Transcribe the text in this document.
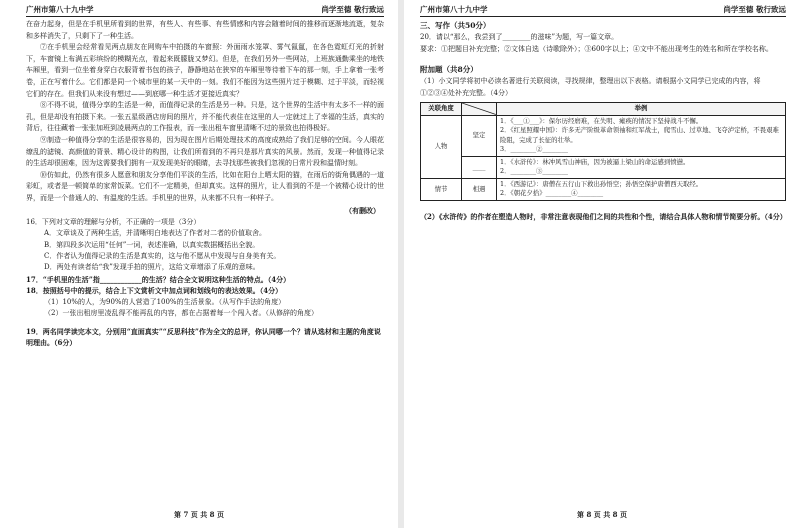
广州市第八十九中学	尚学至德 敬行致远

在奋力起身，但是在手机里所看到的世界，有些人、有些事、有些情感和内容会随着时间的推移而逐渐地流逝，复杂和多样消失了，只剩下了一种生活。

⑦在手机里会经常看见两点朋友在网购车中拍摄的车窗照：外面雨水笼罩、雾气氤氲，在各色霓虹灯光的折射下，车窗镜上布满五彩缤纷的模糊光点，看起来既朦胧又梦幻。但是，在我们另外一些网站，上班族通勤乘坐的地铁车厢里，看到一位坐着身穿白衣服背着书包的孩子，静静地站在狭窄的车厢里等待着下车的那一刻，手上拿着一张考卷，正在写着什么。它们都是同一个城市里的某一天中的一刻。我们不能因为这些照片过于模糊、过于平淡，而轻视它们的存在。但我们从来没有想过——到底哪一种生活才更接近真实？

⑧不得不说，值得分享的生活是一种，而值得记录的生活是另一种。只是，这个世界的生活中有太多不一样的面孔，但是却没有拍摄下来。一张五星级酒店房间的照片，并不能代表住在这里的人一定就过上了幸福的生活，真实的背后，往往藏着一张张加班到凌晨两点的工作报表，而一张出租车窗里清晰不过的景致也拍得极好。

⑨制造一种值得分享的生活是很容易的，因为现在图片后期处理技术的高度成熟给了我们足够的空间。今人眼花缭乱的滤镜、高颜值的背景、精心设计的构图，让我们所看到的不再只是那片真实的风景。然而，发现一种值得记录的生活却很困难，因为这需要我们拥有一双发现美好的眼睛，去寻找那些被我们忽视的日常片段和温情时刻。

⑩仿如此，仍然有很多人愿意和朋友分享他们平淡的生活，比如在阳台上晒太阳的猫，在雨后的街角偶遇的一道彩虹，或者是一顿简单的家常饭菜。它们不一定精美，但却真实。这样的照片，让人看到的不是一个被精心设计的世界，而是一个普通人的、有温度的生活。手机里的世界，从来都不只有一种样子。

（有删改）

16．下列对文章的理解与分析，不正确的一项是（3分）

A．文章谈及了两种生活，并清晰明白地表达了作者对二者的价值取舍。

B．第四段多次运用“任何”一词，表述准确，以真实数据概括出全貌。

C．作者认为值得记录的生活是真实的，这与他不愿从中发现与自身美有关。

D．两处有读者给“我”发现手拍的照片，这给文章增添了乐观的意味。

17．“手机里的生活”指____________的生活？结合全文说明这种生活的特点。（4分）

18．按照括号中的提示，结合上下文赏析文中加点词和划线句的表达效果。（4分）

（1）10%的人，为90%的人营造了100%的生活景象。（从写作手法的角度）

（2）一张出租房里凌乱得不能再乱的内容，都在占据着每一个闯入者。（从修辞的角度）

19．两名同学读完本文，分别用“直面真实”“反思科技”作为全文的总评，你认同哪一个？请从选材和主题的角度说明理由。（6分）

第 7 页 共 8 页
广州市第八十九中学	尚学至德 敬行致远

三、写作（共50分）

20．请以“那么，我尝到了________的滋味”为题，写一篇文章。

要求：①把题目补充完整；②文体自选（诗歌除外）；③600字以上；④文中不能出现考生的姓名和所在学校名称。

附加题（共8分）

（1）小文同学将初中必读名著进行关联阅读，寻找规律，整理出以下表格。请根据小文同学已完成的内容，将①②③④处补充完整。（4分）

关联角度		举例
人物	坚定	1．《___①___》：保尔历经磨难，在失明、瘫痪的情况下坚持战斗不懈。
2．《红星照耀中国》：许多无产阶级革命领袖和红军战士，爬雪山、过草地、飞夺泸定桥，不畏艰难险阻，完成了长征的壮举。
3．________②________

	____	1．《水浒传》：林冲风雪山神庙，因为被逼上梁山的命运感到愤懑。
2．________③________

情节	相遇	1．《西游记》：唐僧在五行山下救出孙悟空；孙悟空保护唐僧西天取经。
2．《朝花夕拾》________④________

（2）《水浒传》的作者在塑造人物时，非常注意表现他们之间的共性和个性，请结合具体人物和情节简要分析。（4分）

第 8 页 共 8 页
